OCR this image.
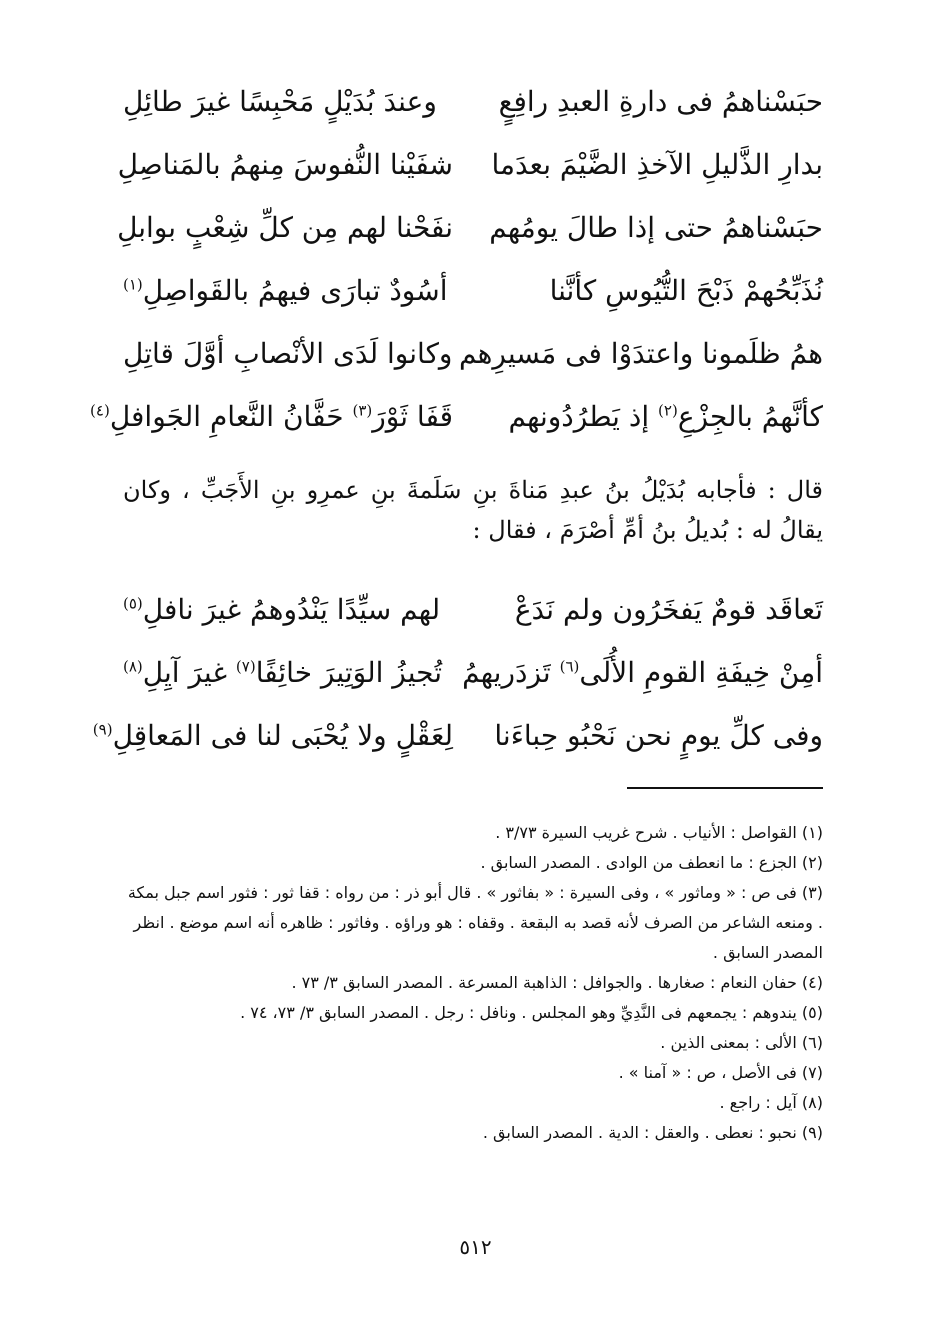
حبَسْناهمُ فى دارةِ العبدِ رافِعٍ
وعندَ بُدَيْلٍ مَحْبِسًا غيرَ طائِلِ
بدارِ الذَّليلِ الآخذِ الضَّيْمَ بعدَما
شفَيْنا النُّفوسَ مِنهمُ بالمَناصِلِ
حبَسْناهمُ حتى إذا طالَ يومُهم
نفَحْنا لهم مِن كلِّ شِعْبٍ بوابلِ
نُذَبِّحُهمْ ذَبْحَ التُّيُوسِ كأنَّنا
أسُودٌ تبارَى فيهمُ بالقَواصِلِ$^{(١)}$
همُ ظلَمونا واعتدَوْا فى مَسيرِهم
وكانوا لَدَى الأنْصابِ أوَّلَ قاتِلِ
كأنَّهمُ بالجِزْعِ$^{(٢)}$ إذ يَطرُدُونهم
قَفَا ثَوْرَ$^{(٣)}$ حَفَّانُ النَّعامِ الجَوافلِ$^{(٤)}$
قال : فأجابه بُدَيْلُ بنُ عبدِ مَناةَ بنِ سَلَمةَ بنِ عمرِو بنِ الأَجَبِّ ، وكان يقالُ له : بُديلُ بنُ أمِّ أصْرَمَ ، فقال :
تَعاقَد قومٌ يَفخَرُون ولم نَدَعْ
لهم سيِّدًا يَنْدُوهمُ غيرَ نافلِ$^{(٥)}$
أمِنْ خِيفَةِ القومِ الأُلَى$^{(٦)}$ تَزدَريهمُ
تُجيزُ الوَتِيرَ خائِفًا$^{(٧)}$ غيرَ آيِلِ$^{(٨)}$
وفى كلِّ يومٍ نحن نَحْبُو حِباءَنا
لِعَقْلٍ ولا يُحْبَى لنا فى المَعاقِلِ$^{(٩)}$

(١) القواصل : الأنياب . شرح غريب السيرة ٣/٧٣ .

(٢) الجزع : ما انعطف من الوادى . المصدر السابق .

(٣) فى ص : « وماثور » ، وفى السيرة : « بفاثور » . قال أبو ذر : من رواه : قفا ثور : فثور اسم جبل بمكة . ومنعه الشاعر من الصرف لأنه قصد به البقعة . وقفاه : هو وراؤه . وفاثور : ظاهره أنه اسم موضع . انظر المصدر السابق .

(٤) حفان النعام : صغارها . والجوافل : الذاهبة المسرعة . المصدر السابق ٣/ ٧٣ .

(٥) يندوهم : يجمعهم فى النَّدِيِّ وهو المجلس . ونافل : رجل . المصدر السابق ٣/ ٧٣، ٧٤ .

(٦) الألى : بمعنى الذين .

(٧) فى الأصل ، ص : « آمنا » .

(٨) آيل : راجع .

(٩) نحبو : نعطى . والعقل : الدية . المصدر السابق .

٥١٢
